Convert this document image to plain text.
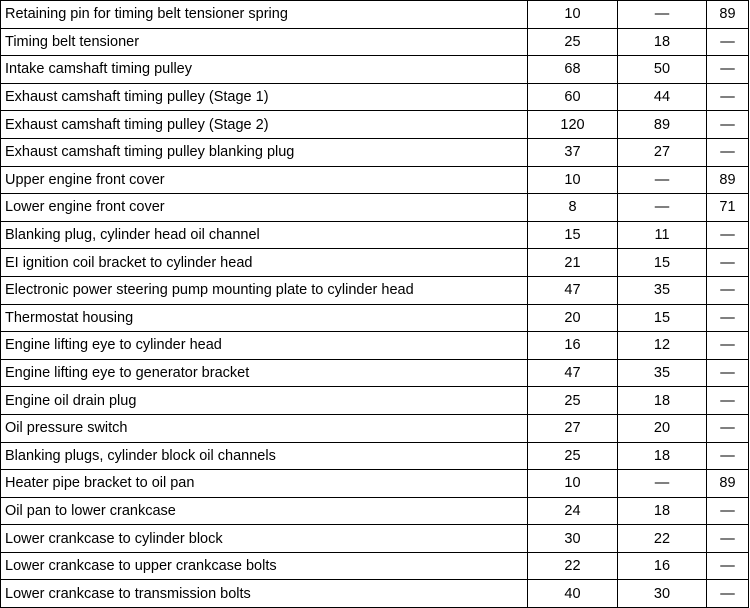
Retaining pin for timing belt tensioner spring	10	—	89
Timing belt tensioner	25	18	—
Intake camshaft timing pulley	68	50	—
Exhaust camshaft timing pulley (Stage 1)	60	44	—
Exhaust camshaft timing pulley (Stage 2)	120	89	—
Exhaust camshaft timing pulley blanking plug	37	27	—
Upper engine front cover	10	—	89
Lower engine front cover	8	—	71
Blanking plug, cylinder head oil channel	15	11	—
EI ignition coil bracket to cylinder head	21	15	—
Electronic power steering pump mounting plate to cylinder head	47	35	—
Thermostat housing	20	15	—
Engine lifting eye to cylinder head	16	12	—
Engine lifting eye to generator bracket	47	35	—
Engine oil drain plug	25	18	—
Oil pressure switch	27	20	—
Blanking plugs, cylinder block oil channels	25	18	—
Heater pipe bracket to oil pan	10	—	89
Oil pan to lower crankcase	24	18	—
Lower crankcase to cylinder block	30	22	—
Lower crankcase to upper crankcase bolts	22	16	—
Lower crankcase to transmission bolts	40	30	—
